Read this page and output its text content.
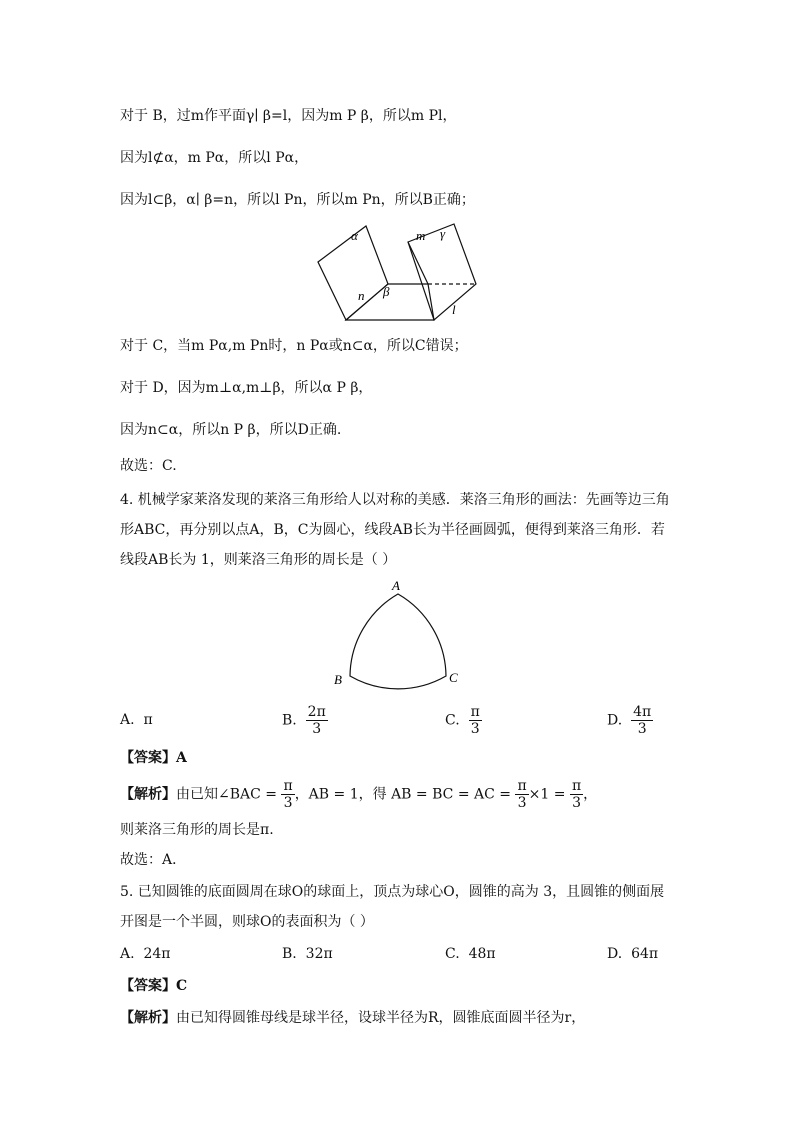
对于 B，过m作平面γ∣ β=l，因为m P β，所以m Pl，
因为l⊄α，m Pα，所以l Pα，
因为l⊂β，α∣ β=n，所以l Pn，所以m Pn，所以B正确；
α	m γ
n β
l
对于 C，当m Pα,m Pn时，n Pα或n⊂α，所以C错误；
对于 D，因为m⊥α,m⊥β，所以α P β，
因为n⊂α，所以n P β，所以D正确.
故选：C.
4. 机械学家莱洛发现的莱洛三角形给人以对称的美感．莱洛三角形的画法：先画等边三角
形ABC，再分别以点A，B，C为圆心，线段AB长为半径画圆弧，便得到莱洛三角形．若
线段AB长为 1，则莱洛三角形的周长是（ ）
A
B	C
A. π	B. $\frac{2\pi}{3}$	C. $\frac{\pi}{3}$	D. $\frac{4\pi}{3}$
【答案】A
【解析】由已知∠BAC = $\frac{\pi}{3}$ ，AB = 1，得 AB = BC = AC = $\frac{\pi}{3} \times 1 = \frac{\pi}{3}$ ，
则莱洛三角形的周长是π.
故选：A．
5. 已知圆锥的底面圆周在球O的球面上，顶点为球心O，圆锥的高为 3，且圆锥的侧面展
开图是一个半圆，则球O的表面积为（ ）
A. 24π	B. 32π	C. 48π	D. 64π
【答案】C
【解析】由已知得圆锥母线是球半径，设球半径为R，圆锥底面圆半径为r，
